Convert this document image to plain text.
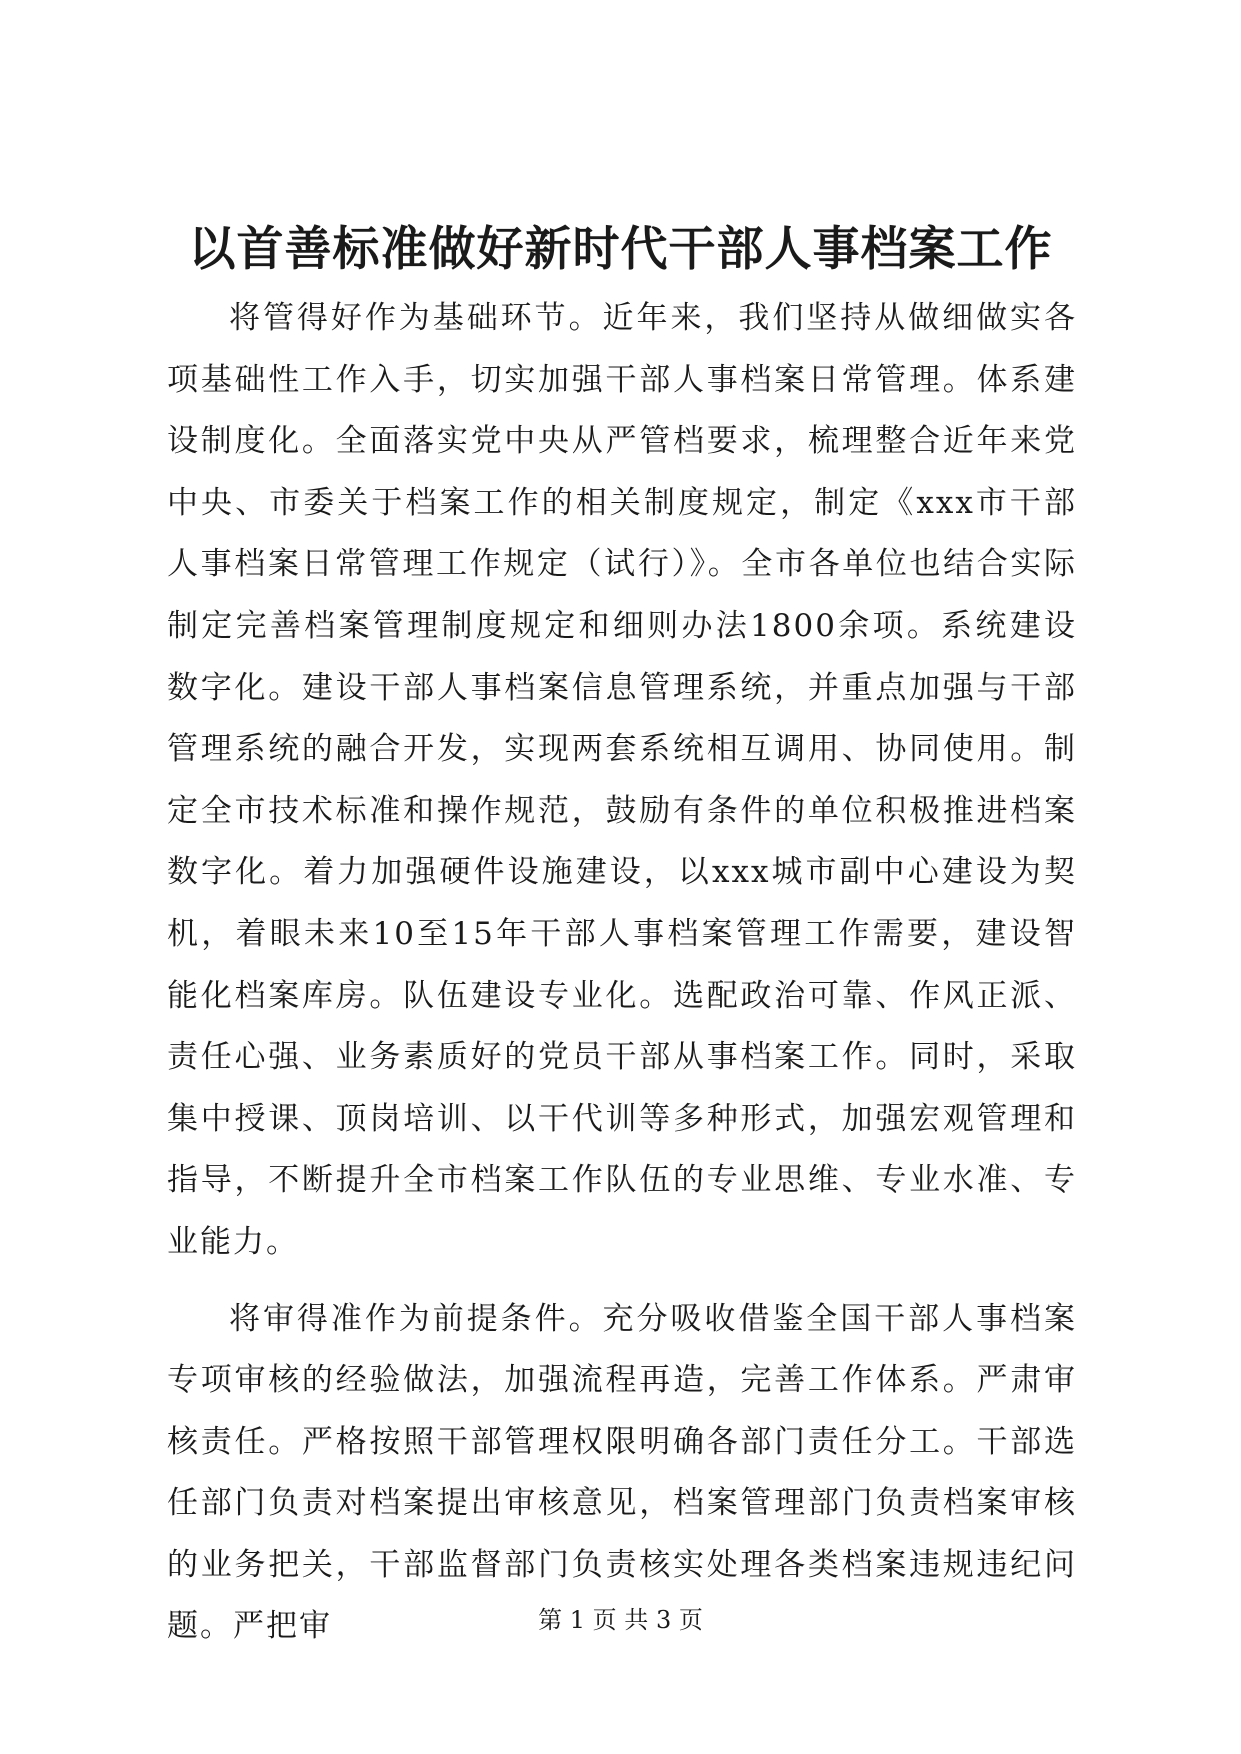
以首善标准做好新时代干部人事档案工作

将管得好作为基础环节。近年来，我们坚持从做细做实各项基础性工作入手，切实加强干部人事档案日常管理。体系建设制度化。全面落实党中央从严管档要求，梳理整合近年来党中央、市委关于档案工作的相关制度规定，制定《xxx市干部人事档案日常管理工作规定（试行）》。全市各单位也结合实际制定完善档案管理制度规定和细则办法1800余项。系统建设数字化。建设干部人事档案信息管理系统，并重点加强与干部管理系统的融合开发，实现两套系统相互调用、协同使用。制定全市技术标准和操作规范，鼓励有条件的单位积极推进档案数字化。着力加强硬件设施建设，以xxx城市副中心建设为契机，着眼未来10至15年干部人事档案管理工作需要，建设智能化档案库房。队伍建设专业化。选配政治可靠、作风正派、责任心强、业务素质好的党员干部从事档案工作。同时，采取集中授课、顶岗培训、以干代训等多种形式，加强宏观管理和指导，不断提升全市档案工作队伍的专业思维、专业水准、专业能力。

将审得准作为前提条件。充分吸收借鉴全国干部人事档案专项审核的经验做法，加强流程再造，完善工作体系。严肃审核责任。严格按照干部管理权限明确各部门责任分工。干部选任部门负责对档案提出审核意见，档案管理部门负责档案审核的业务把关，干部监督部门负责核实处理各类档案违规违纪问题。严把审	第 1 页 共 3 页
